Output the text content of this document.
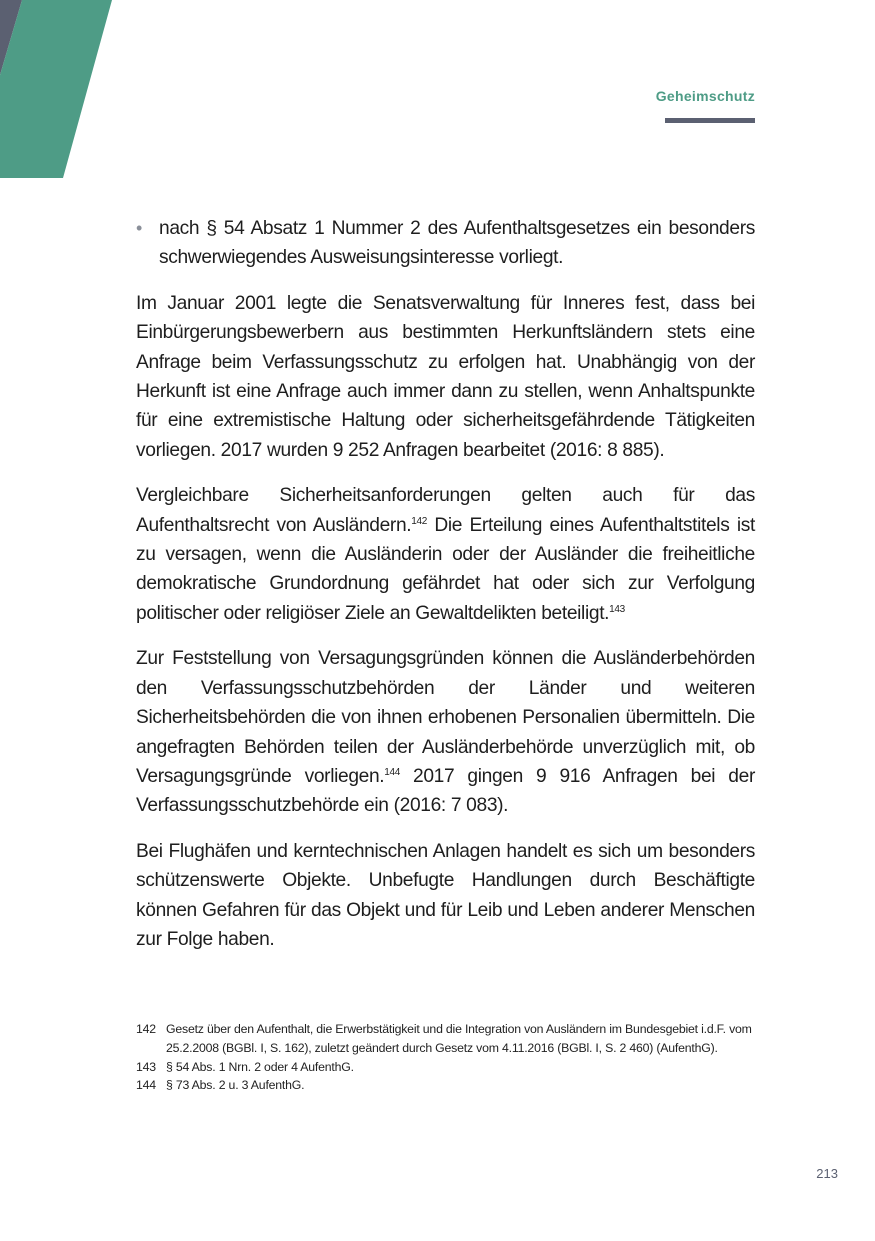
Geheimschutz
• nach § 54 Absatz 1 Nummer 2 des Aufenthaltsgesetzes ein besonders schwerwiegendes Ausweisungsinteresse vorliegt.

Im Januar 2001 legte die Senatsverwaltung für Inneres fest, dass bei Einbürgerungsbewerbern aus bestimmten Herkunftsländern stets eine Anfrage beim Verfassungsschutz zu erfolgen hat. Unabhängig von der Herkunft ist eine Anfrage auch immer dann zu stellen, wenn Anhaltspunkte für eine extremistische Haltung oder sicherheitsgefährdende Tätigkeiten vorliegen. 2017 wurden 9 252 Anfragen bearbeitet (2016: 8 885).

Vergleichbare Sicherheitsanforderungen gelten auch für das Aufenthaltsrecht von Ausländern.$^{142}$ Die Erteilung eines Aufenthaltstitels ist zu versagen, wenn die Ausländerin oder der Ausländer die freiheitliche demokratische Grundordnung gefährdet hat oder sich zur Verfolgung politischer oder religiöser Ziele an Gewaltdelikten beteiligt.$^{143}$

Zur Feststellung von Versagungsgründen können die Ausländerbehörden den Verfassungsschutzbehörden der Länder und weiteren Sicherheitsbehörden die von ihnen erhobenen Personalien übermitteln. Die angefragten Behörden teilen der Ausländerbehörde unverzüglich mit, ob Versagungsgründe vorliegen.$^{144}$ 2017 gingen 9 916 Anfragen bei der Verfassungsschutzbehörde ein (2016: 7 083).

Bei Flughäfen und kerntechnischen Anlagen handelt es sich um besonders schützenswerte Objekte. Unbefugte Handlungen durch Beschäftigte können Gefahren für das Objekt und für Leib und Leben anderer Menschen zur Folge haben.

142 Gesetz über den Aufenthalt, die Erwerbstätigkeit und die Integration von Ausländern im Bundesgebiet i.d.F. vom 25.2.2008 (BGBl. I, S. 162), zuletzt geändert durch Gesetz vom 4.11.2016 (BGBl. I, S. 2 460) (AufenthG).
143 § 54 Abs. 1 Nrn. 2 oder 4 AufenthG.
144 § 73 Abs. 2 u. 3 AufenthG.
213
